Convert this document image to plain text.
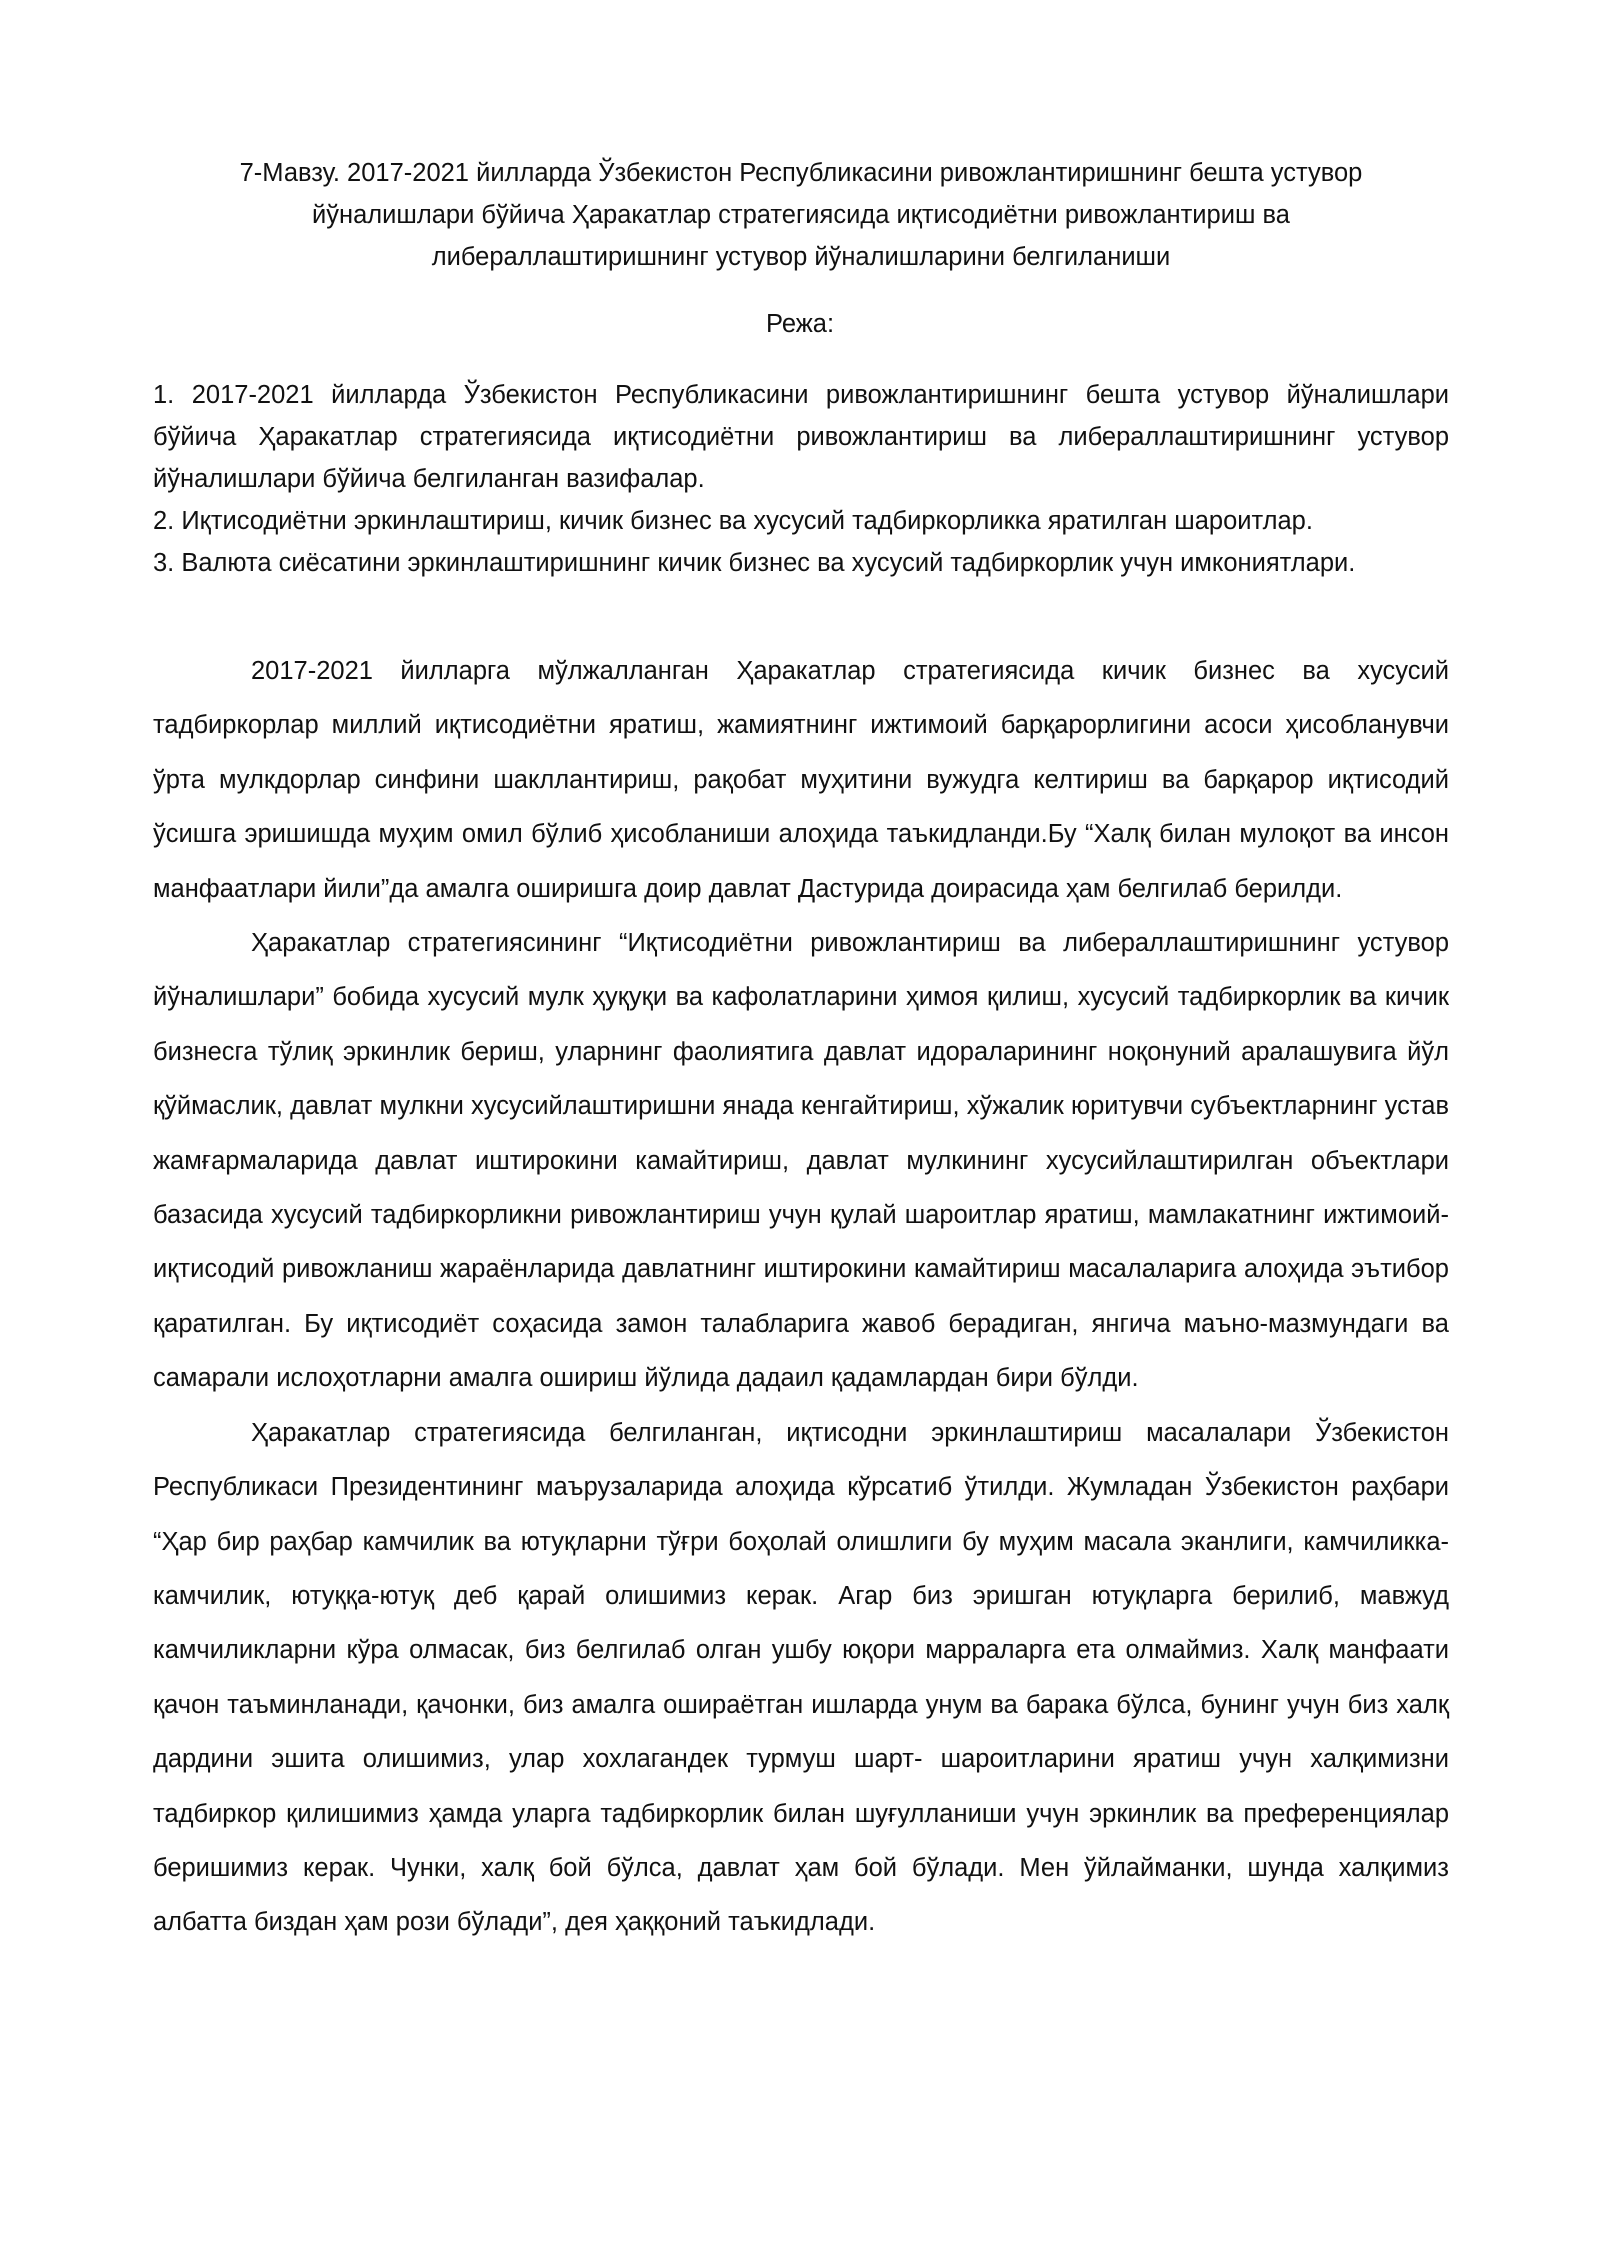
7-Мавзу. 2017-2021 йилларда Ўзбекистон Республикасини ривожлантиришнинг бешта устувор йўналишлари бўйича Ҳаракатлар стратегиясида иқтисодиётни ривожлантириш ва либераллаштиришнинг устувор йўналишларини белгиланиши
Режа:
1. 2017-2021 йилларда Ўзбекистон Республикасини ривожлантиришнинг бешта устувор йўналишлари бўйича Ҳаракатлар стратегиясида иқтисодиётни ривожлантириш ва либераллаштиришнинг устувор йўналишлари бўйича белгиланган вазифалар.
2. Иқтисодиётни эркинлаштириш, кичик бизнес ва хусусий тадбиркорликка яратилган шароитлар.
3. Валюта сиёсатини эркинлаштиришнинг кичик бизнес ва хусусий тадбиркорлик учун имкониятлари.

2017-2021 йилларга мўлжалланган Ҳаракатлар стратегиясида кичик бизнес ва хусусий тадбиркорлар миллий иқтисодиётни яратиш, жамиятнинг ижтимоий барқарорлигини асоси ҳисобланувчи ўрта мулкдорлар синфини шакллантириш, рақобат муҳитини вужудга келтириш ва барқарор иқтисодий ўсишга эришишда муҳим омил бўлиб ҳисобланиши алоҳида таъкидланди.Бу “Халқ билан мулоқот ва инсон манфаатлари йили”да амалга оширишга доир давлат Дастурида доирасида ҳам белгилаб берилди.

Ҳаракатлар стратегиясининг “Иқтисодиётни ривожлантириш ва либераллаштиришнинг устувор йўналишлари” бобида хусусий мулк ҳуқуқи ва кафолатларини ҳимоя қилиш, хусусий тадбиркорлик ва кичик бизнесга тўлиқ эркинлик бериш, уларнинг фаолиятига давлат идораларининг ноқонуний аралашувига йўл қўймаслик, давлат мулкни хусусийлаштиришни янада кенгайтириш, хўжалик юритувчи субъектларнинг устав жамғармаларида давлат иштирокини камайтириш, давлат мулкининг хусусийлаштирилган объектлари базасида хусусий тадбиркорликни ривожлантириш учун қулай шароитлар яратиш, мамлакатнинг ижтимоий-иқтисодий ривожланиш жараёнларида давлатнинг иштирокини камайтириш масалаларига алоҳида эътибор қаратилган. Бу иқтисодиёт соҳасида замон талабларига жавоб берадиган, янгича маъно-мазмундаги ва самарали ислоҳотларни амалга ошириш йўлида дадаил қадамлардан бири бўлди.

Ҳаракатлар стратегиясида белгиланган, иқтисодни эркинлаштириш масалалари Ўзбекистон Республикаси Президентининг маърузаларида алоҳида кўрсатиб ўтилди. Жумладан Ўзбекистон раҳбари “Ҳар бир раҳбар камчилик ва ютуқларни тўғри боҳолай олишлиги бу муҳим масала эканлиги, камчиликка-камчилик, ютуққа-ютуқ деб қарай олишимиз керак. Агар биз эришган ютуқларга берилиб, мавжуд камчиликларни кўра олмасак, биз белгилаб олган ушбу юқори марраларга ета олмаймиз. Халқ манфаати қачон таъминланади, қачонки, биз амалга ошираётган ишларда унум ва барака бўлса, бунинг учун биз халқ дардини эшита олишимиз, улар хохлагандек турмуш шарт- шароитларини яратиш учун халқимизни тадбиркор қилишимиз ҳамда уларга тадбиркорлик билан шуғулланиши учун эркинлик ва преференциялар беришимиз керак. Чунки, халқ бой бўлса, давлат ҳам бой бўлади. Мен ўйлайманки, шунда халқимиз албатта биздан ҳам рози бўлади”, дея ҳаққоний таъкидлади.
